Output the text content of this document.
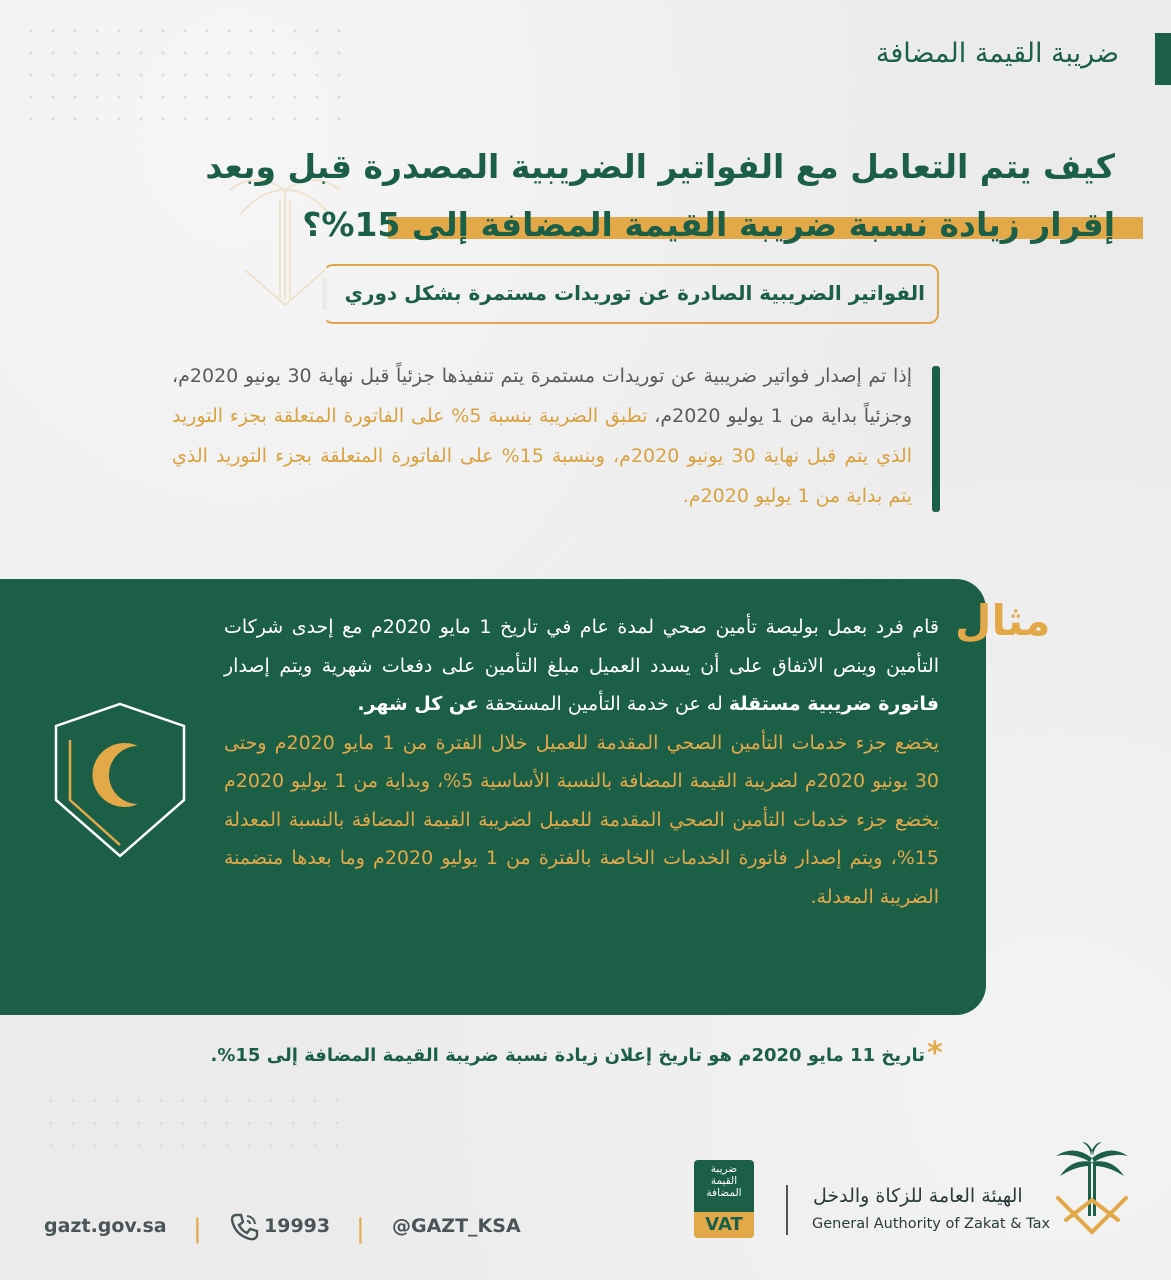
ضريبة القيمة المضافة
كيف يتم التعامل مع الفواتير الضريبية المصدرة قبل وبعد
إقرار زيادة نسبة ضريبة القيمة المضافة إلى 15%؟
الفواتير الضريبية الصادرة عن توريدات مستمرة بشكل دوري
إذا تم إصدار فواتير ضريبية عن توريدات مستمرة يتم تنفيذها جزئياً قبل نهاية 30 يونيو 2020م، وجزئياً بداية من 1 يوليو 2020م، تطبق الضريبة بنسبة 5% على الفاتورة المتعلقة بجزء التوريد الذي يتم قبل نهاية 30 يونيو 2020م، وبنسبة 15% على الفاتورة المتعلقة بجزء التوريد الذي يتم بداية من 1 يوليو 2020م.
مثال
قام فرد بعمل بوليصة تأمين صحي لمدة عام في تاريخ 1 مايو 2020م مع إحدى شركات التأمين وينص الاتفاق على أن يسدد العميل مبلغ التأمين على دفعات شهرية ويتم إصدار فاتورة ضريبية مستقلة له عن خدمة التأمين المستحقة عن كل شهر.
يخضع جزء خدمات التأمين الصحي المقدمة للعميل خلال الفترة من 1 مايو 2020م وحتى 30 يونيو 2020م لضريبة القيمة المضافة بالنسبة الأساسية 5%، وبداية من 1 يوليو 2020م يخضع جزء خدمات التأمين الصحي المقدمة للعميل لضريبة القيمة المضافة بالنسبة المعدلة 15%، ويتم إصدار فاتورة الخدمات الخاصة بالفترة من 1 يوليو 2020م وما بعدها متضمنة الضريبة المعدلة.
*
تاريخ 11 مايو 2020م هو تاريخ إعلان زيادة نسبة ضريبة القيمة المضافة إلى 15%.
gazt.gov.sa |	19993 | @GAZT_KSA
ضريبة
القيمة
المضافة
VAT
الهيئة العامة للزكاة والدخل
General Authority of Zakat & Tax
